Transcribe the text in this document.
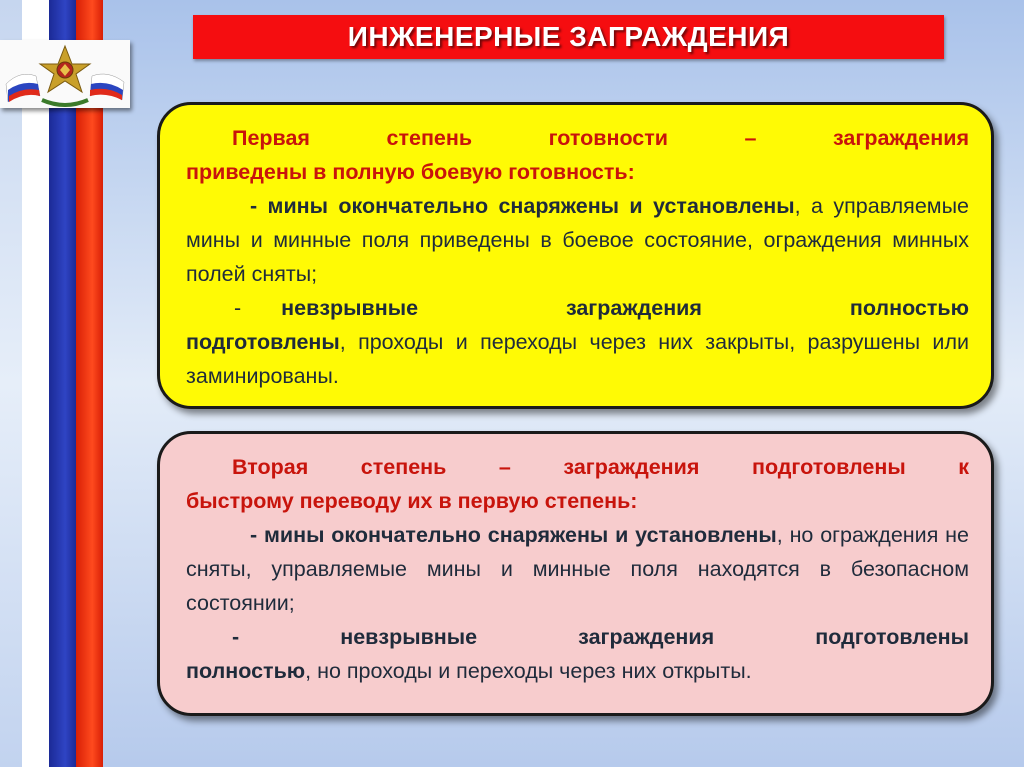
ИНЖЕНЕРНЫЕ ЗАГРАЖДЕНИЯ

Первая степень готовности – заграждения

приведены в полную боевую готовность:

- мины окончательно снаряжены и установлены, а управляемые мины и минные поля приведены в боевое состояние, ограждения минных полей сняты;

- невзрывные заграждения полностью

подготовлены, проходы и переходы через них закрыты, разрушены или заминированы.

Вторая степень – заграждения подготовлены к

быстрому переводу их в первую степень:

- мины окончательно снаряжены и установлены, но ограждения не сняты, управляемые мины и минные поля находятся в безопасном состоянии;

- невзрывные заграждения подготовлены

полностью, но проходы и переходы через них открыты.
